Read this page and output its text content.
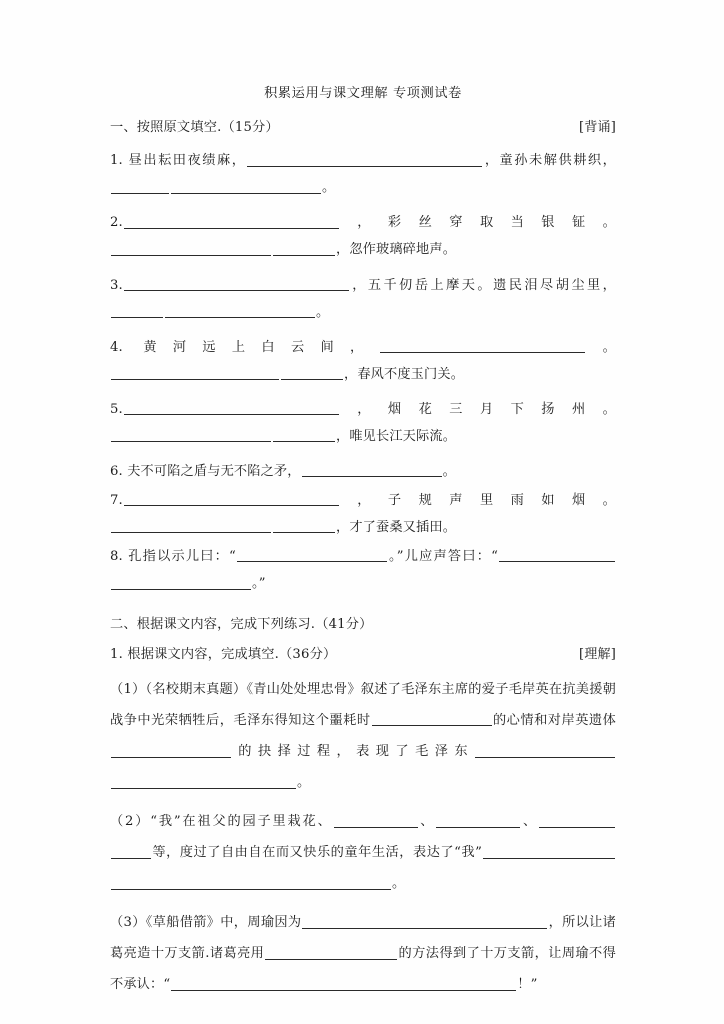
积累运用与课文理解 专项测试卷
一、按照原文填空.（15分）	[背诵]
1. 昼出耘田夜绩麻，	，童孙未解供耕织，。
2.	，彩丝穿取当银钲。，忽作玻璃碎地声。
3.	，五千仞岳上摩天。遗民泪尽胡尘里，。
4. 黄河远上白云间，	。，春风不度玉门关。
5.	，烟花三月下扬州。，唯见长江天际流。
6. 夫不可陷之盾与无不陷之矛，	。
7.	，子规声里雨如烟。，才了蚕桑又插田。
8. 孔指以示儿曰：“	。”儿应声答曰：“。”
二、根据课文内容，完成下列练习.（41分）
1. 根据课文内容，完成填空.（36分）	[理解]
（1）（名校期末真题）《青山处处埋忠骨》叙述了毛泽东主席的爱子毛岸英在抗美援朝战争中光荣牺牲后，毛泽东得知这个噩耗时	的心情和对岸英遗体的抉择过程，表现了毛泽东。
（2）“我”在祖父的园子里栽花、	、	、等，度过了自由自在而又快乐的童年生活，表达了“我”。
（3）《草船借箭》中，周瑜因为	，所以让诸葛亮造十万支箭.诸葛亮用	的方法得到了十万支箭，让周瑜不得不承认：“	！”
